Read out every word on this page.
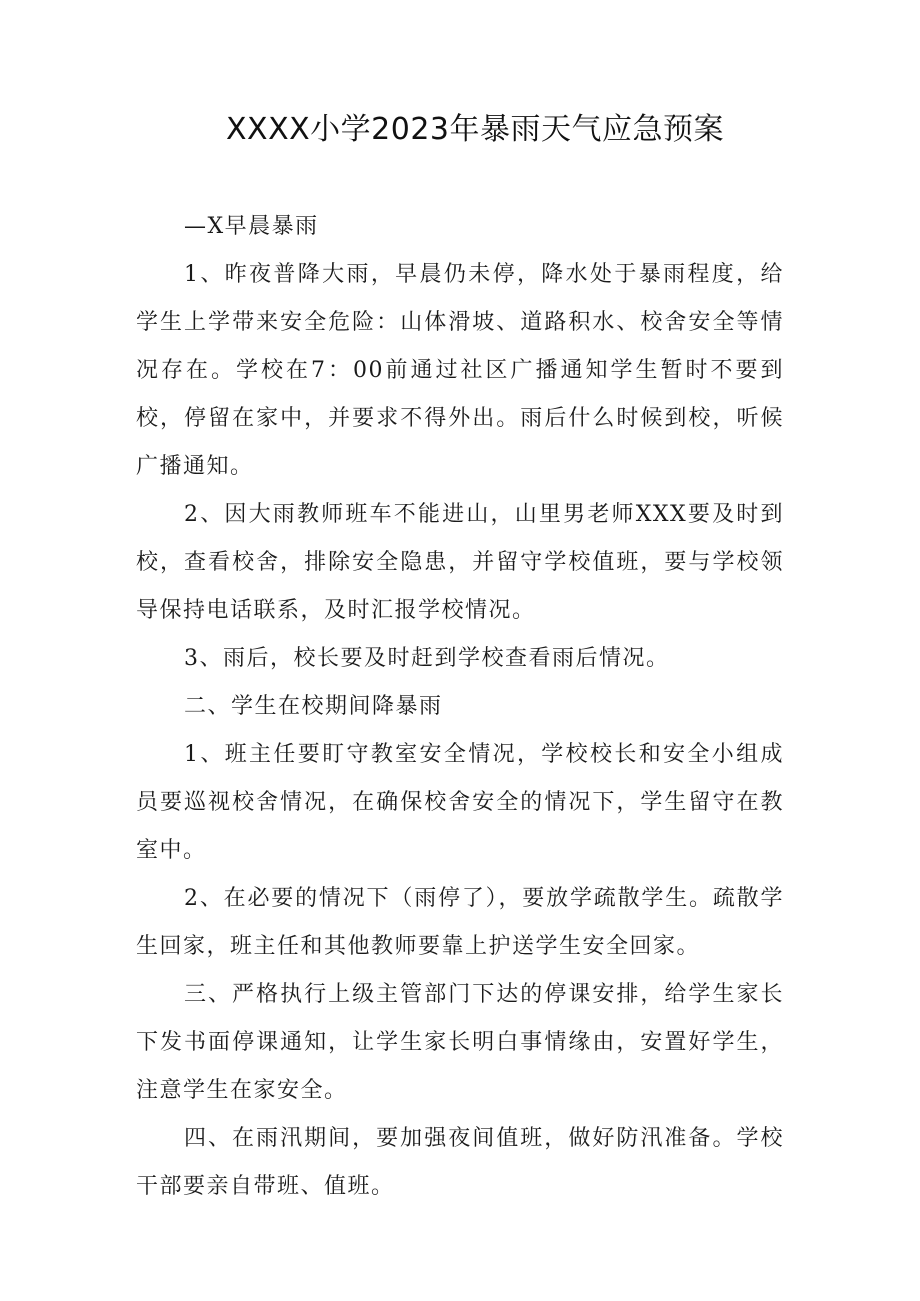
XXXX小学2023年暴雨天气应急预案

—X早晨暴雨

1、昨夜普降大雨，早晨仍未停，降水处于暴雨程度，给学生上学带来安全危险：山体滑坡、道路积水、校舍安全等情况存在。学校在7：00前通过社区广播通知学生暂时不要到校，停留在家中，并要求不得外出。雨后什么时候到校，听候广播通知。

2、因大雨教师班车不能进山，山里男老师XXX要及时到校，查看校舍，排除安全隐患，并留守学校值班，要与学校领导保持电话联系，及时汇报学校情况。

3、雨后，校长要及时赶到学校查看雨后情况。

二、学生在校期间降暴雨

1、班主任要盯守教室安全情况，学校校长和安全小组成员要巡视校舍情况，在确保校舍安全的情况下，学生留守在教室中。

2、在必要的情况下（雨停了），要放学疏散学生。疏散学生回家，班主任和其他教师要靠上护送学生安全回家。

三、严格执行上级主管部门下达的停课安排，给学生家长下发书面停课通知，让学生家长明白事情缘由，安置好学生，注意学生在家安全。

四、在雨汛期间，要加强夜间值班，做好防汛准备。学校干部要亲自带班、值班。
